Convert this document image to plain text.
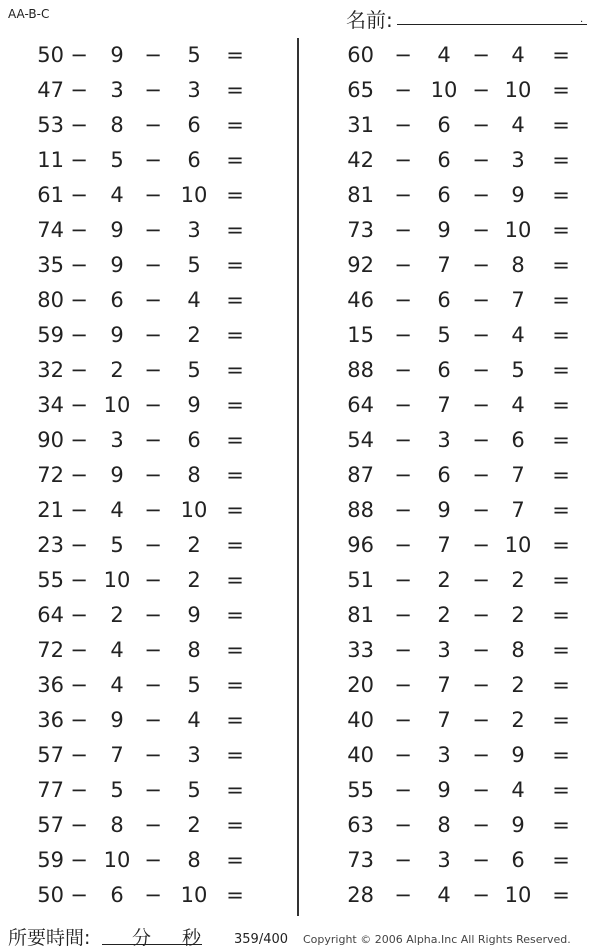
AA-B-C	名前:	.
50 −	9 −	5	=
47 −	3 −	3	=
53 −	8 −	6	=
11 −	5 −	6	=
61 −	4 − 10 =
74 −	9 −	3	=
35 −	9 −	5	=
80 −	6 −	4	=
59 −	9 −	2	=
32 −	2 −	5	=
34 − 10 −	9	=
90 −	3 −	6	=
72 −	9 −	8	=
21 −	4 − 10 =
23 −	5 −	2	=
55 − 10 −	2	=
64 −	2 −	9	=
72 −	4 −	8	=
36 −	4 −	5	=
36 −	9 −	4	=
57 −	7 −	3	=
77 −	5 −	5	=
57 −	8 −	2	=
59 − 10 −	8	=
50 −	6 − 10 =
60 −	4	−	4	=
65 − 10 − 10 =
31 −	6	−	4	=
42 −	6	−	3	=
81 −	6	−	9	=
73 −	9	− 10 =
92 −	7	−	8	=
46 −	6	−	7	=
15 −	5	−	4	=
88 −	6	−	5	=
64 −	7	−	4	=
54 −	3	−	6	=
87 −	6	−	7	=
88 −	9	−	7	=
96 −	7	− 10 =
51 −	2	−	2	=
81 −	2	−	2	=
33 −	3	−	8	=
20 −	7	−	2	=
40 −	7	−	2	=
40 −	3	−	9	=
55 −	9	−	4	=
63 −	8	−	9	=
73 −	3	−	6	=
28 −	4	− 10 =
所要時間: 分 秒	359/400 Copyright © 2006 Alpha.Inc All Rights Reserved.
